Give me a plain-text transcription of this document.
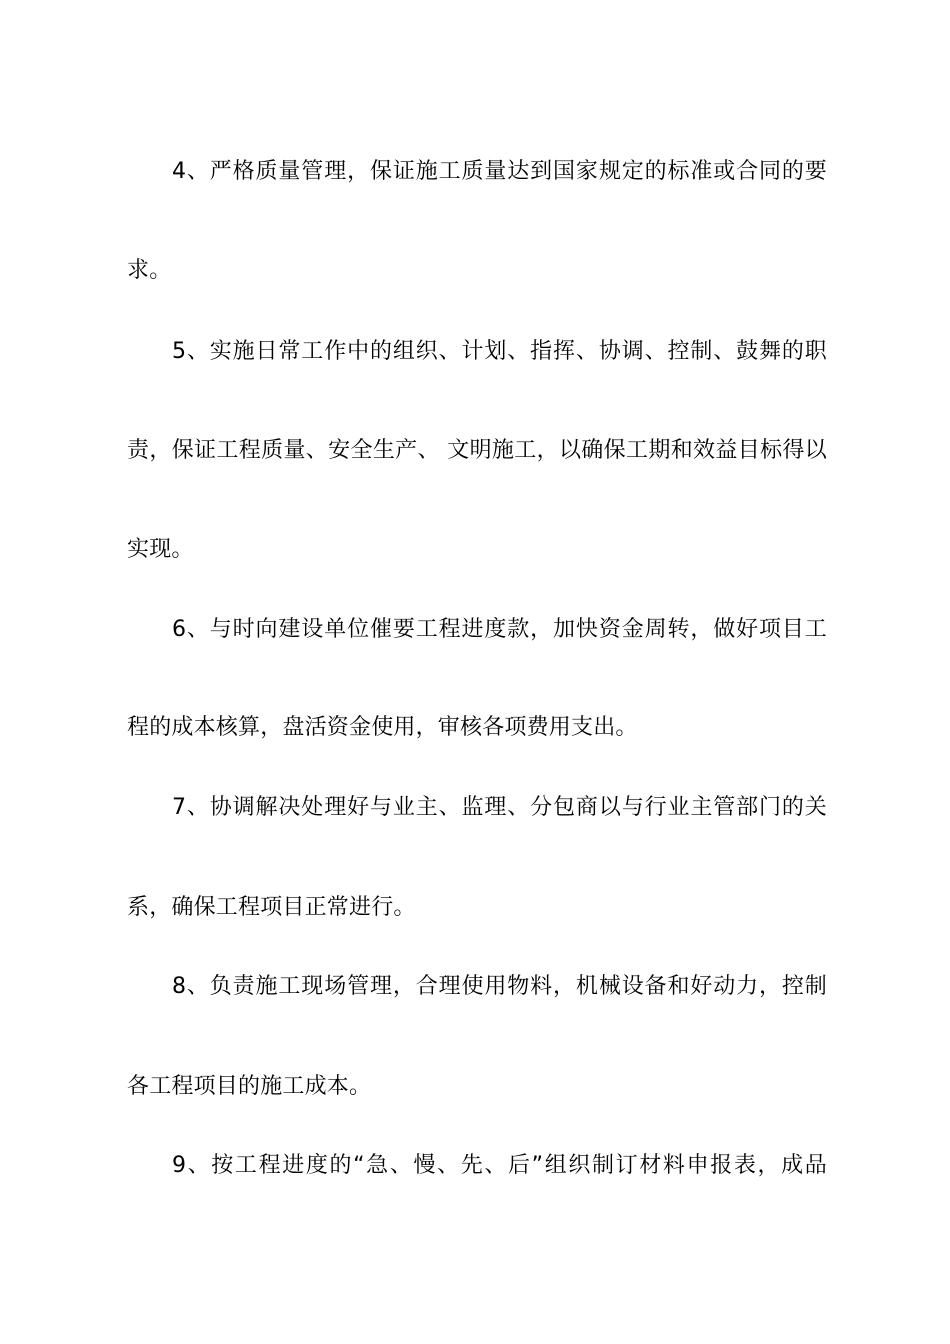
4、严格质量管理，保证施工质量达到国家规定的标准或合同的要
求。
5、实施日常工作中的组织、计划、指挥、协调、控制、鼓舞的职
责，保证工程质量、安全生产、 文明施工，以确保工期和效益目标得以
实现。
6、与时向建设单位催要工程进度款，加快资金周转，做好项目工
程的成本核算，盘活资金使用，审核各项费用支出。
7、协调解决处理好与业主、监理、分包商以与行业主管部门的关
系，确保工程项目正常进行。
8、负责施工现场管理，合理使用物料，机械设备和好动力，控制
各工程项目的施工成本。
9、按工程进度的“急、慢、先、后”组织制订材料申报表，成品
